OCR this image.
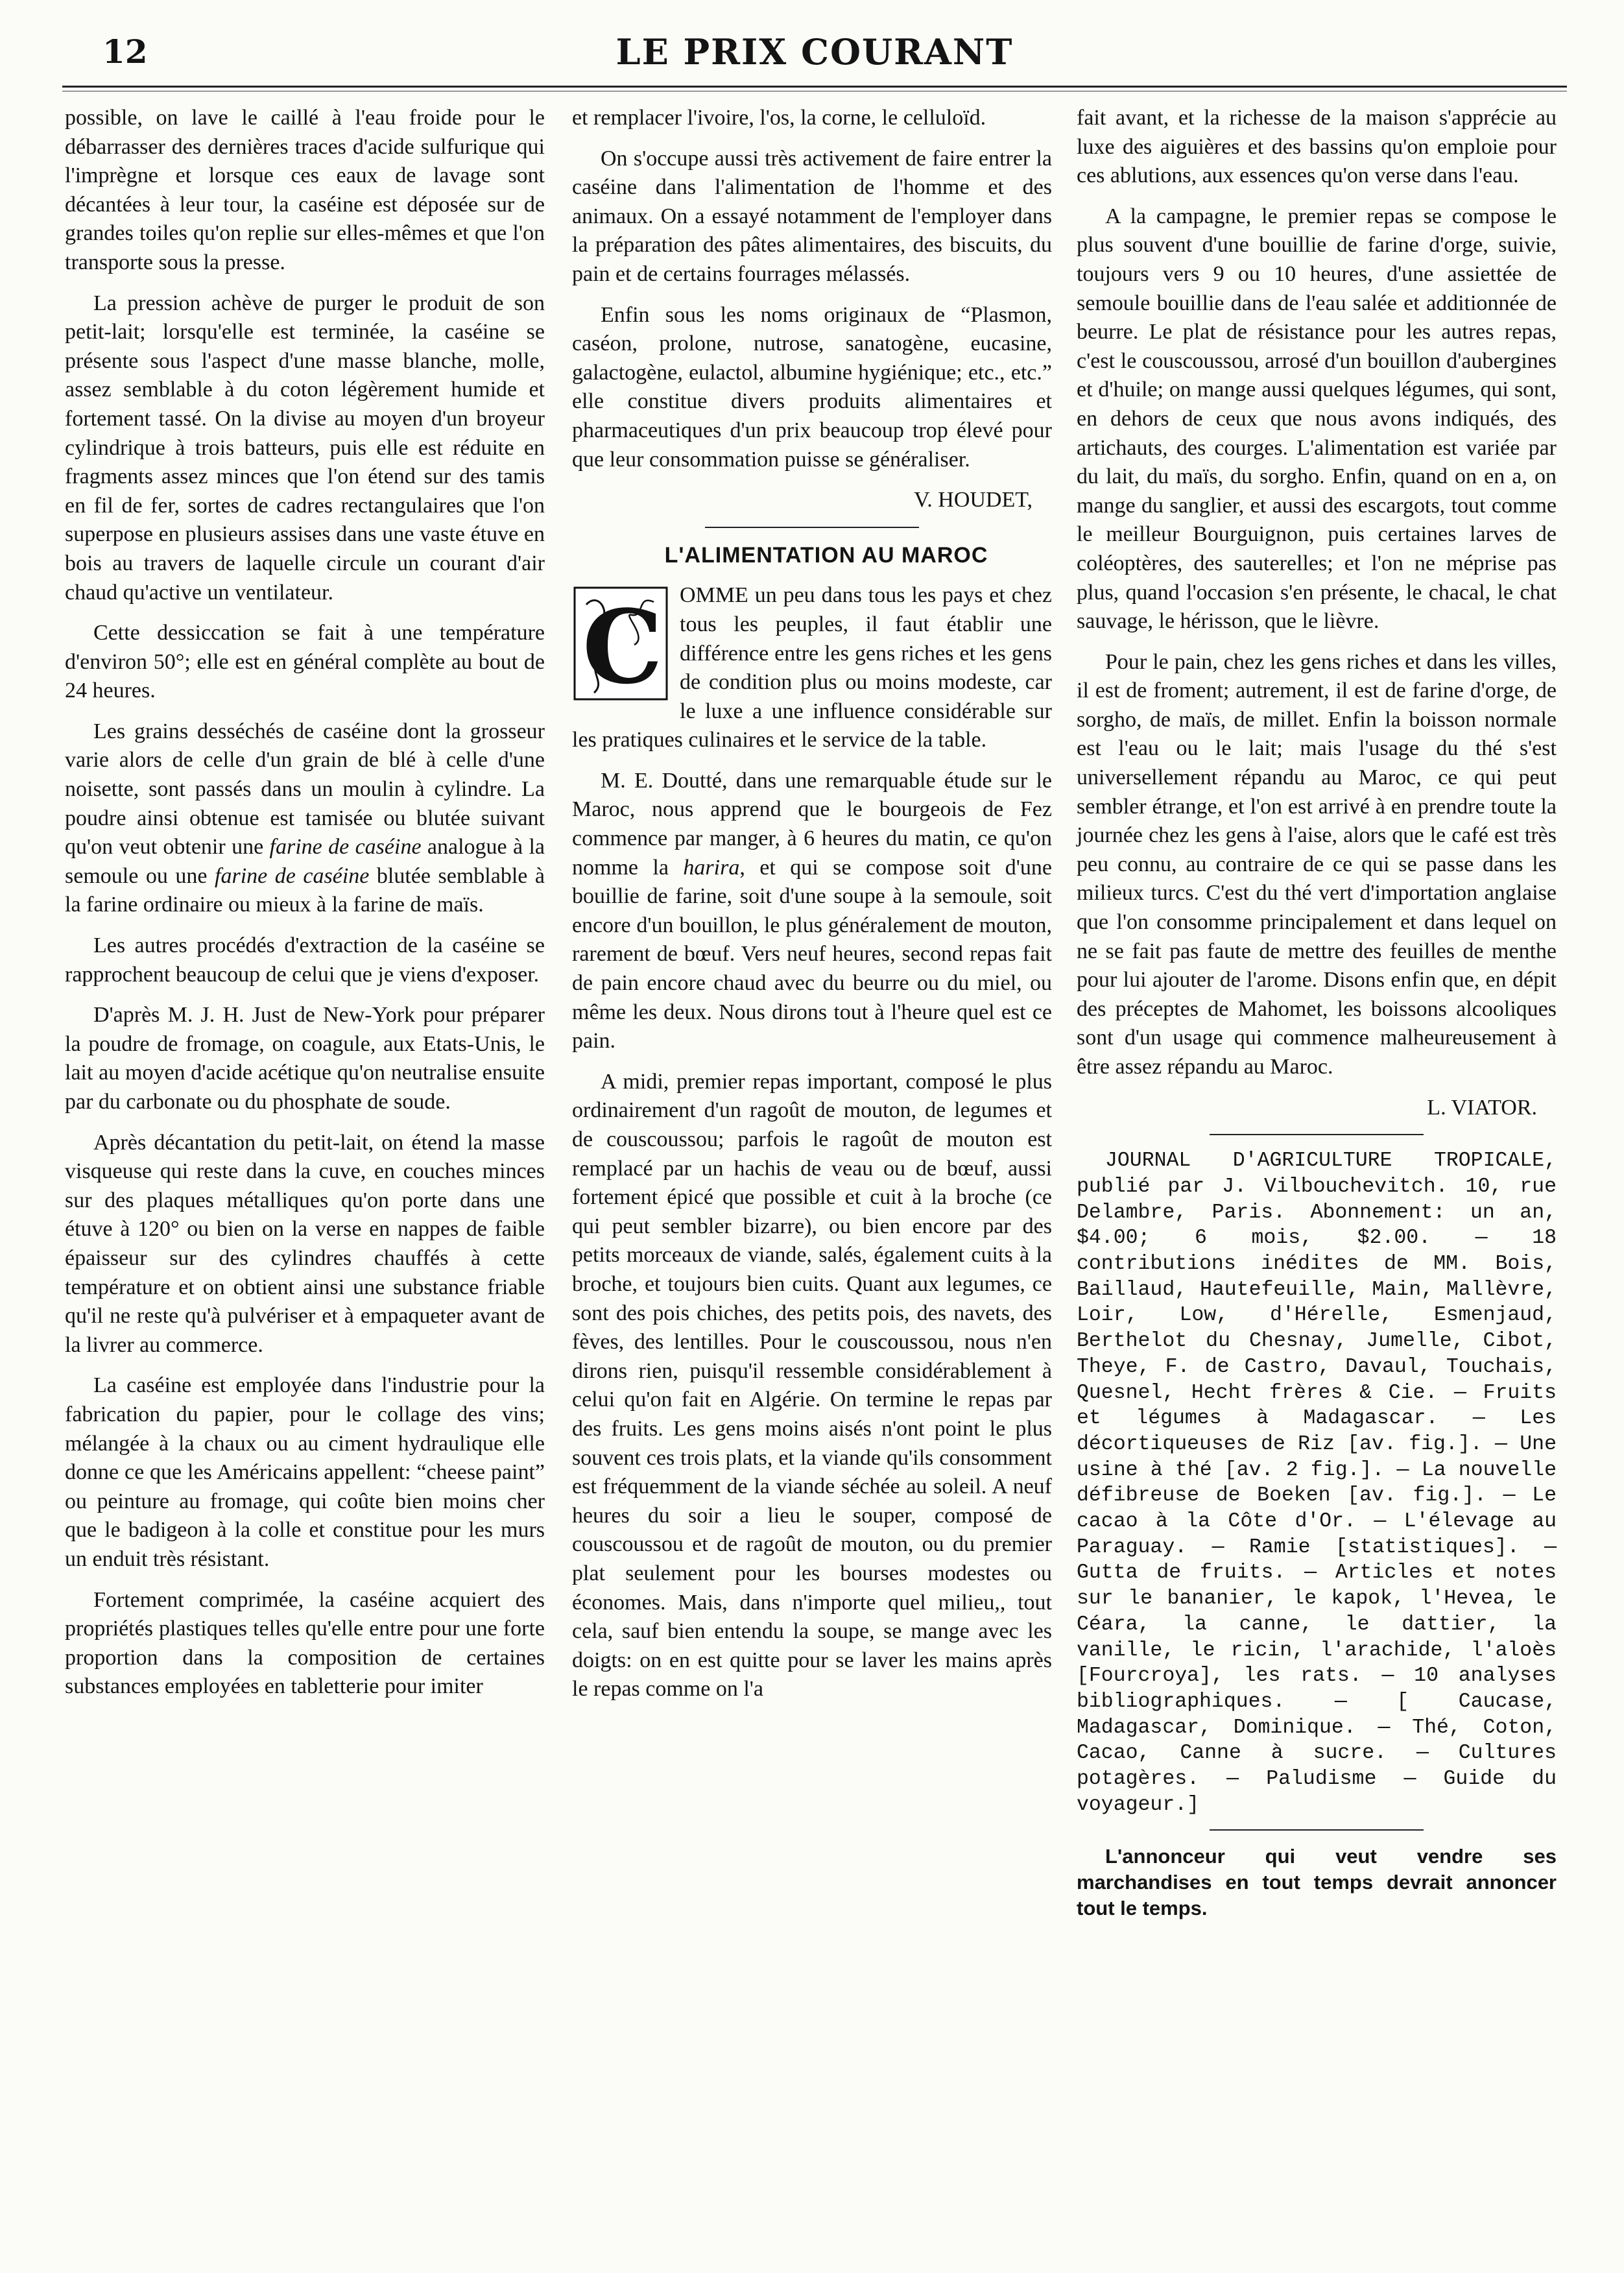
12	LE PRIX COURANT

possible, on lave le caillé à l'eau froide pour le débarrasser des dernières traces d'acide sulfurique qui l'imprègne et lorsque ces eaux de lavage sont décantées à leur tour, la caséine est déposée sur de grandes toiles qu'on replie sur elles-mêmes et que l'on transporte sous la presse.

La pression achève de purger le produit de son petit-lait; lorsqu'elle est terminée, la caséine se présente sous l'aspect d'une masse blanche, molle, assez semblable à du coton légèrement humide et fortement tassé. On la divise au moyen d'un broyeur cylindrique à trois batteurs, puis elle est réduite en fragments assez minces que l'on étend sur des tamis en fil de fer, sortes de cadres rectangulaires que l'on superpose en plusieurs assises dans une vaste étuve en bois au travers de laquelle circule un courant d'air chaud qu'active un ventilateur.

Cette dessiccation se fait à une température d'environ 50°; elle est en général complète au bout de 24 heures.

Les grains desséchés de caséine dont la grosseur varie alors de celle d'un grain de blé à celle d'une noisette, sont passés dans un moulin à cylindre. La poudre ainsi obtenue est tamisée ou blutée suivant qu'on veut obtenir une farine de caséine analogue à la semoule ou une farine de caséine blutée semblable à la farine ordinaire ou mieux à la farine de maïs.

Les autres procédés d'extraction de la caséine se rapprochent beaucoup de celui que je viens d'exposer.

D'après M. J. H. Just de New-York pour préparer la poudre de fromage, on coagule, aux Etats-Unis, le lait au moyen d'acide acétique qu'on neutralise ensuite par du carbonate ou du phosphate de soude.

Après décantation du petit-lait, on étend la masse visqueuse qui reste dans la cuve, en couches minces sur des plaques métalliques qu'on porte dans une étuve à 120° ou bien on la verse en nappes de faible épaisseur sur des cylindres chauffés à cette température et on obtient ainsi une substance friable qu'il ne reste qu'à pulvériser et à empaqueter avant de la livrer au commerce.

La caséine est employée dans l'industrie pour la fabrication du papier, pour le collage des vins; mélangée à la chaux ou au ciment hydraulique elle donne ce que les Américains appellent: “cheese paint” ou peinture au fromage, qui coûte bien moins cher que le badigeon à la colle et constitue pour les murs un enduit très résistant.

Fortement comprimée, la caséine acquiert des propriétés plastiques telles qu'elle entre pour une forte proportion dans la composition de certaines substances employées en tabletterie pour imiter

et remplacer l'ivoire, l'os, la corne, le celluloïd.

On s'occupe aussi très activement de faire entrer la caséine dans l'alimentation de l'homme et des animaux. On a essayé notamment de l'employer dans la préparation des pâtes alimentaires, des biscuits, du pain et de certains fourrages mélassés.

Enfin sous les noms originaux de “Plasmon, caséon, prolone, nutrose, sanatogène, eucasine, galactogène, eulactol, albumine hygiénique; etc., etc.” elle constitue divers produits alimentaires et pharmaceutiques d'un prix beaucoup trop élevé pour que leur consommation puisse se généraliser.

V. HOUDET,

L'ALIMENTATION AU MAROC

C OMME un peu dans tous les pays et chez tous les peuples, il faut établir une différence entre les gens riches et les gens de condition plus ou moins modeste, car le luxe a une influence considérable sur les pratiques culinaires et le service de la table.

M. E. Doutté, dans une remarquable étude sur le Maroc, nous apprend que le bourgeois de Fez commence par manger, à 6 heures du matin, ce qu'on nomme la harira, et qui se compose soit d'une bouillie de farine, soit d'une soupe à la semoule, soit encore d'un bouillon, le plus généralement de mouton, rarement de bœuf. Vers neuf heures, second repas fait de pain encore chaud avec du beurre ou du miel, ou même les deux. Nous dirons tout à l'heure quel est ce pain.

A midi, premier repas important, composé le plus ordinairement d'un ragoût de mouton, de legumes et de couscoussou; parfois le ragoût de mouton est remplacé par un hachis de veau ou de bœuf, aussi fortement épicé que possible et cuit à la broche (ce qui peut sembler bizarre), ou bien encore par des petits morceaux de viande, salés, également cuits à la broche, et toujours bien cuits. Quant aux legumes, ce sont des pois chiches, des petits pois, des navets, des fèves, des lentilles. Pour le couscoussou, nous n'en dirons rien, puisqu'il ressemble considérablement à celui qu'on fait en Algérie. On termine le repas par des fruits. Les gens moins aisés n'ont point le plus souvent ces trois plats, et la viande qu'ils consomment est fréquemment de la viande séchée au soleil. A neuf heures du soir a lieu le souper, composé de couscoussou et de ragoût de mouton, ou du premier plat seulement pour les bourses modestes ou économes. Mais, dans n'importe quel milieu,, tout cela, sauf bien entendu la soupe, se mange avec les doigts: on en est quitte pour se laver les mains après le repas comme on l'a

fait avant, et la richesse de la maison s'apprécie au luxe des aiguières et des bassins qu'on emploie pour ces ablutions, aux essences qu'on verse dans l'eau.

A la campagne, le premier repas se compose le plus souvent d'une bouillie de farine d'orge, suivie, toujours vers 9 ou 10 heures, d'une assiettée de semoule bouillie dans de l'eau salée et additionnée de beurre. Le plat de résistance pour les autres repas, c'est le couscoussou, arrosé d'un bouillon d'aubergines et d'huile; on mange aussi quelques légumes, qui sont, en dehors de ceux que nous avons indiqués, des artichauts, des courges. L'alimentation est variée par du lait, du maïs, du sorgho. Enfin, quand on en a, on mange du sanglier, et aussi des escargots, tout comme le meilleur Bourguignon, puis certaines larves de coléoptères, des sauterelles; et l'on ne méprise pas plus, quand l'occasion s'en présente, le chacal, le chat sauvage, le hérisson, que le lièvre.

Pour le pain, chez les gens riches et dans les villes, il est de froment; autrement, il est de farine d'orge, de sorgho, de maïs, de millet. Enfin la boisson normale est l'eau ou le lait; mais l'usage du thé s'est universellement répandu au Maroc, ce qui peut sembler étrange, et l'on est arrivé à en prendre toute la journée chez les gens à l'aise, alors que le café est très peu connu, au contraire de ce qui se passe dans les milieux turcs. C'est du thé vert d'importation anglaise que l'on consomme principalement et dans lequel on ne se fait pas faute de mettre des feuilles de menthe pour lui ajouter de l'arome. Disons enfin que, en dépit des préceptes de Mahomet, les boissons alcooliques sont d'un usage qui commence malheureusement à être assez répandu au Maroc.

L. VIATOR.

JOURNAL D'AGRICULTURE TROPICALE, publié par J. Vilbouchevitch. 10, rue Delambre, Paris. Abonnement: un an, $4.00; 6 mois, $2.00. — 18 contributions inédites de MM. Bois, Baillaud, Hautefeuille, Main, Mallèvre, Loir, Low, d'Hérelle, Esmenjaud, Berthelot du Chesnay, Jumelle, Cibot, Theye, F. de Castro, Davaul, Touchais, Quesnel, Hecht frères & Cie. — Fruits et légumes à Madagascar. — Les décortiqueuses de Riz [av. fig.]. — Une usine à thé [av. 2 fig.]. — La nouvelle défibreuse de Boeken [av. fig.]. — Le cacao à la Côte d'Or. — L'élevage au Paraguay. — Ramie [statistiques]. — Gutta de fruits. — Articles et notes sur le bananier, le kapok, l'Hevea, le Céara, la canne, le dattier, la vanille, le ricin, l'arachide, l'aloès [Fourcroya], les rats. — 10 analyses bibliographiques. — [ Caucase, Madagascar, Dominique. — Thé, Coton, Cacao, Canne à sucre. — Cultures potagères. — Paludisme — Guide du voyageur.]

L'annonceur qui veut vendre ses marchandises en tout temps devrait annoncer tout le temps.
